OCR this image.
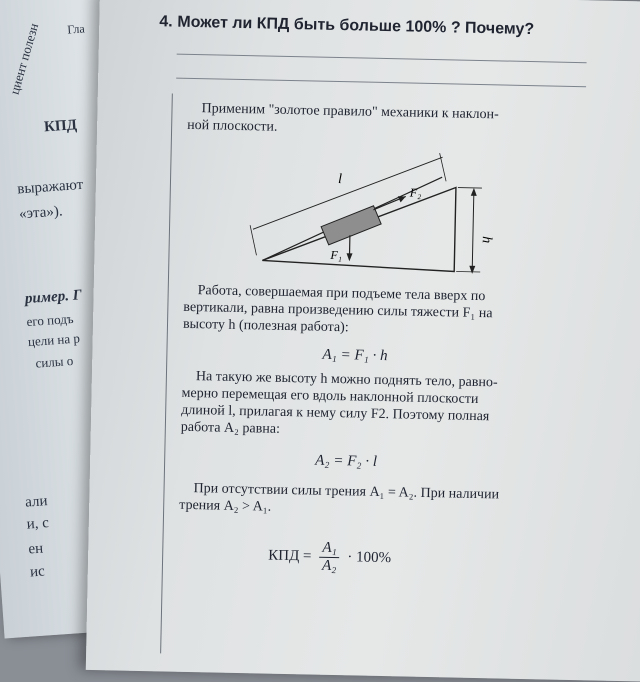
Гла
циент полезн
КПД
выражают
«эта»).
ример. Г
его подъ
цели на р
силы о
али
и, с
ен
ис
4. Может ли КПД быть больше 100% ? Почему?
Применим "золотое правило" механики к наклон-
ной плоскости.
l
F₂
F₁
h
Работа, совершаемая при подъеме тела вверх по
вертикали, равна произведению силы тяжести F₁ на
высоту h (полезная работа):
A₁ = F₁ · h
На такую же высоту h можно поднять тело, равно-
мерно перемещая его вдоль наклонной плоскости
длиной l, прилагая к нему силу F2. Поэтому полная
работа A₂ равна:
A₂ = F₂ · l
При отсутствии силы трения A₁ = A₂. При наличии
трения A₂ > A₁.
КПД = $\frac{\text{A₁}}{\text{A₂}} \cdot 100\%$
